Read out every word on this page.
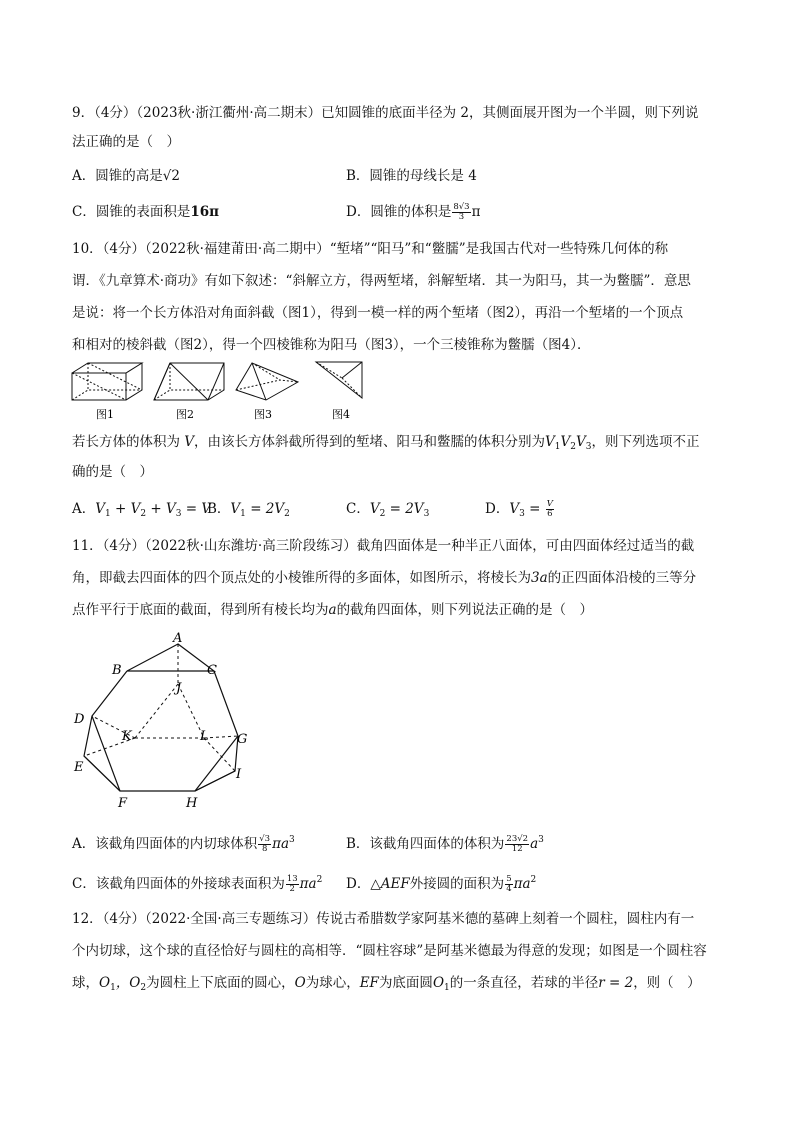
9．（4分）（2023秋·浙江衢州·高二期末）已知圆锥的底面半径为 2，其侧面展开图为一个半圆，则下列说
法正确的是（　）
A．圆锥的高是√2	B．圆锥的母线长是 4
C．圆锥的表面积是16π	D．圆锥的体积是 $\frac{8√3}{3}$ π
10．（4分）（2022秋·福建莆田·高二期中）“堑堵”“阳马”和“鳖臑”是我国古代对一些特殊几何体的称
谓．《九章算术·商功》有如下叙述：“斜解立方，得两堑堵，斜解堑堵．其一为阳马，其一为鳖臑”．意思
是说：将一个长方体沿对角面斜截（图1），得到一模一样的两个堑堵（图2），再沿一个堑堵的一个顶点
和相对的棱斜截（图2），得一个四棱锥称为阳马（图3），一个三棱锥称为鳖臑（图4）．
图1	图2	图3	图4
若长方体的体积为 V，由该长方体斜截所得到的堑堵、阳马和鳖臑的体积分别为$V_1V_2V_3$，则下列选项不正
确的是（　）
A．$V_1 + V_2 + V_3 = V$
B．$V_1 = 2V_2$	C．$V_2 = 2V_3$	D．$V_3 = \frac{V}{6}$
11．（4分）（2022秋·山东潍坊·高三阶段练习）截角四面体是一种半正八面体，可由四面体经过适当的截
角，即截去四面体的四个顶点处的小棱锥所得的多面体，如图所示，将棱长为3a的正四面体沿棱的三等分
点作平行于底面的截面，得到所有棱长均为a的截角四面体，则下列说法正确的是（　）
A
B	C
D
E
F	H
G
I
J
K	L
A．该截角四面体的内切球体积 $\frac{√3}{8} \pi a^3$	B．该截角四面体的体积为 $\frac{23√2}{12} a^3$
C．该截角四面体的外接球表面积为 $\frac{13}{2} \pi a^2$ D．△AEF外接圆的面积为 $\frac{5}{4} \pi a^2$
12．（4分）（2022·全国·高三专题练习）传说古希腊数学家阿基米德的墓碑上刻着一个圆柱，圆柱内有一
个内切球，这个球的直径恰好与圆柱的高相等．“圆柱容球”是阿基米德最为得意的发现；如图是一个圆柱容
球，$O_1$，$O_2$为圆柱上下底面的圆心，O为球心，EF为底面圆$O_1$的一条直径，若球的半径r = 2，则（　）
